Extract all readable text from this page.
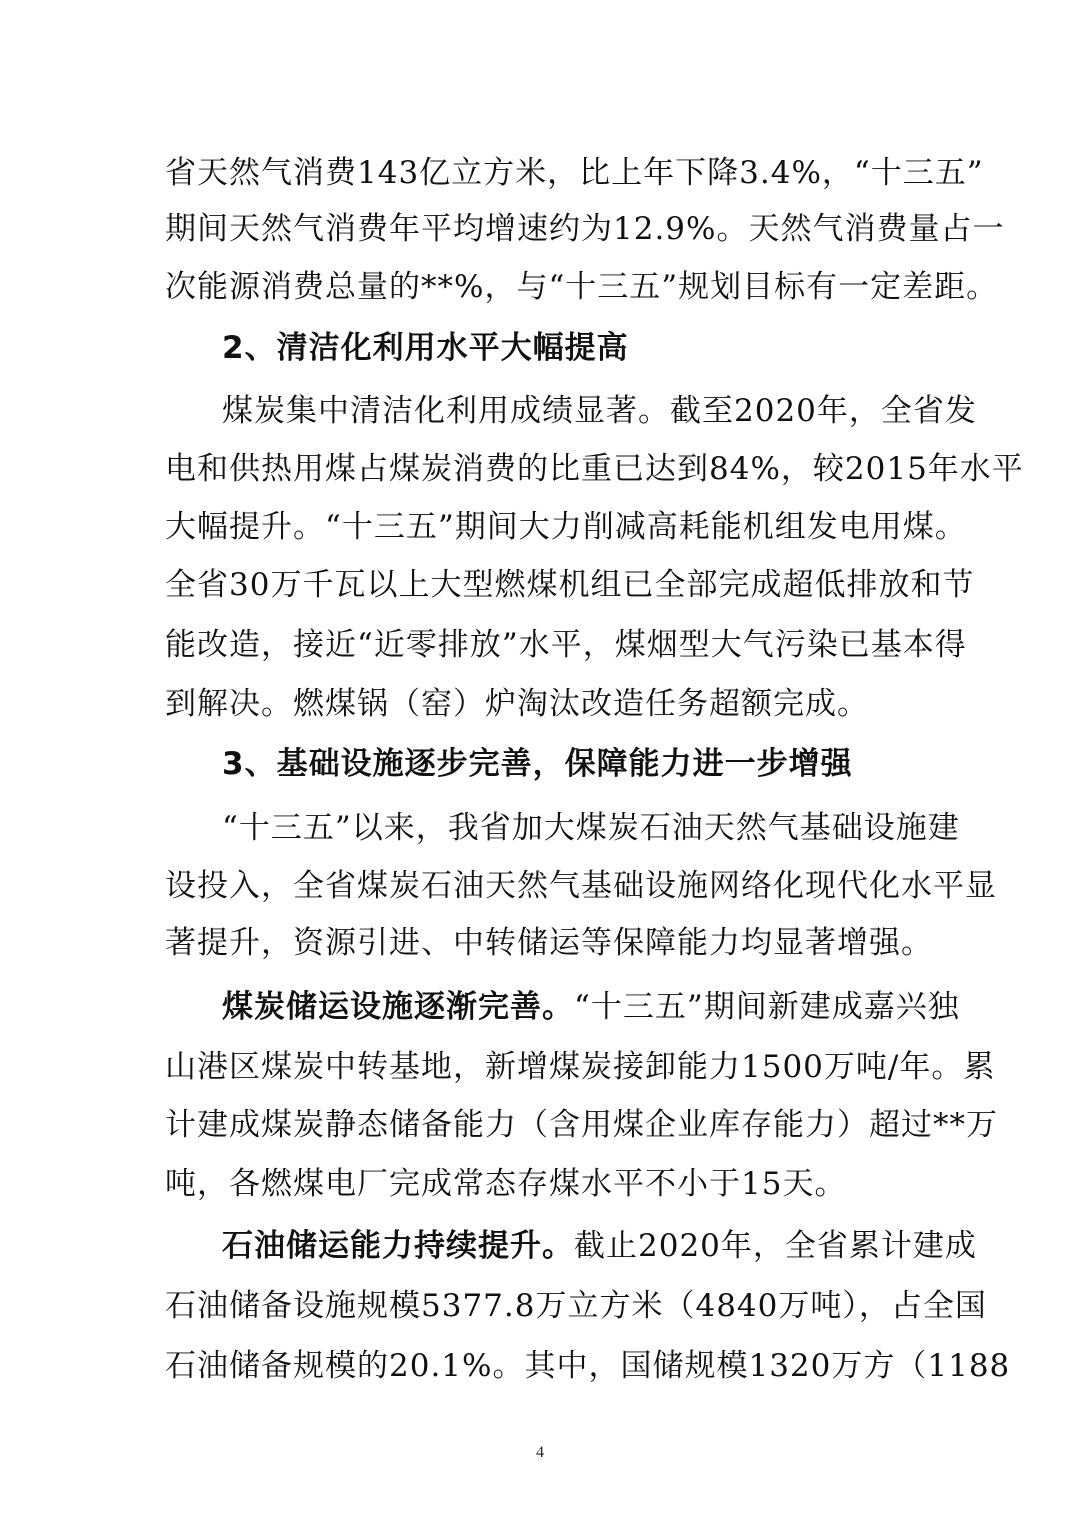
省天然气消费143亿立方米，比上年下降3.4%，“十三五”
期间天然气消费年平均增速约为12.9%。天然气消费量占一
次能源消费总量的**%，与“十三五”规划目标有一定差距。
2、清洁化利用水平大幅提高
煤炭集中清洁化利用成绩显著。截至2020年，全省发
电和供热用煤占煤炭消费的比重已达到84%，较2015年水平
大幅提升。“十三五”期间大力削减高耗能机组发电用煤。
全省30万千瓦以上大型燃煤机组已全部完成超低排放和节
能改造，接近“近零排放”水平，煤烟型大气污染已基本得
到解决。燃煤锅（窑）炉淘汰改造任务超额完成。
3、基础设施逐步完善，保障能力进一步增强
“十三五”以来，我省加大煤炭石油天然气基础设施建
设投入，全省煤炭石油天然气基础设施网络化现代化水平显
著提升，资源引进、中转储运等保障能力均显著增强。
煤炭储运设施逐渐完善。“十三五”期间新建成嘉兴独
山港区煤炭中转基地，新增煤炭接卸能力1500万吨/年。累
计建成煤炭静态储备能力（含用煤企业库存能力）超过**万
吨，各燃煤电厂完成常态存煤水平不小于15天。
石油储运能力持续提升。截止2020年，全省累计建成
石油储备设施规模5377.8万立方米（4840万吨），占全国
石油储备规模的20.1%。其中，国储规模1320万方（1188
4
